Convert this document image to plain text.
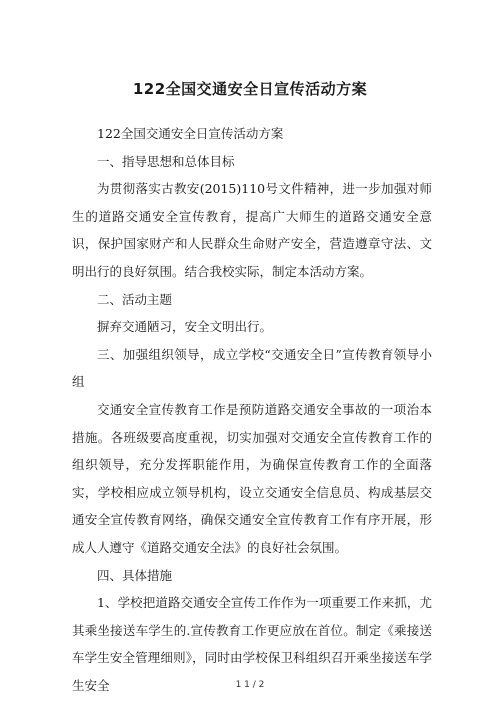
122全国交通安全日宣传活动方案

122全国交通安全日宣传活动方案

一、指导思想和总体目标

为贯彻落实古教安(2015)110号文件精神，进一步加强对师生的道路交通安全宣传教育，提高广大师生的道路交通安全意识，保护国家财产和人民群众生命财产安全，营造遵章守法、文明出行的良好氛围。结合我校实际，制定本活动方案。

二、活动主题

摒弃交通陋习，安全文明出行。

三、加强组织领导，成立学校“交通安全日”宣传教育领导小组

交通安全宣传教育工作是预防道路交通安全事故的一项治本措施。各班级要高度重视，切实加强对交通安全宣传教育工作的组织领导，充分发挥职能作用，为确保宣传教育工作的全面落实，学校相应成立领导机构，设立交通安全信息员、构成基层交通安全宣传教育网络，确保交通安全宣传教育工作有序开展，形成人人遵守《道路交通安全法》的良好社会氛围。

四、具体措施

1、学校把道路交通安全宣传工作作为一项重要工作来抓，尤其乘坐接送车学生的.宣传教育工作更应放在首位。制定《乘接送车学生安全管理细则》，同时由学校保卫科组织召开乘坐接送车学生安全	1 1 / 2
